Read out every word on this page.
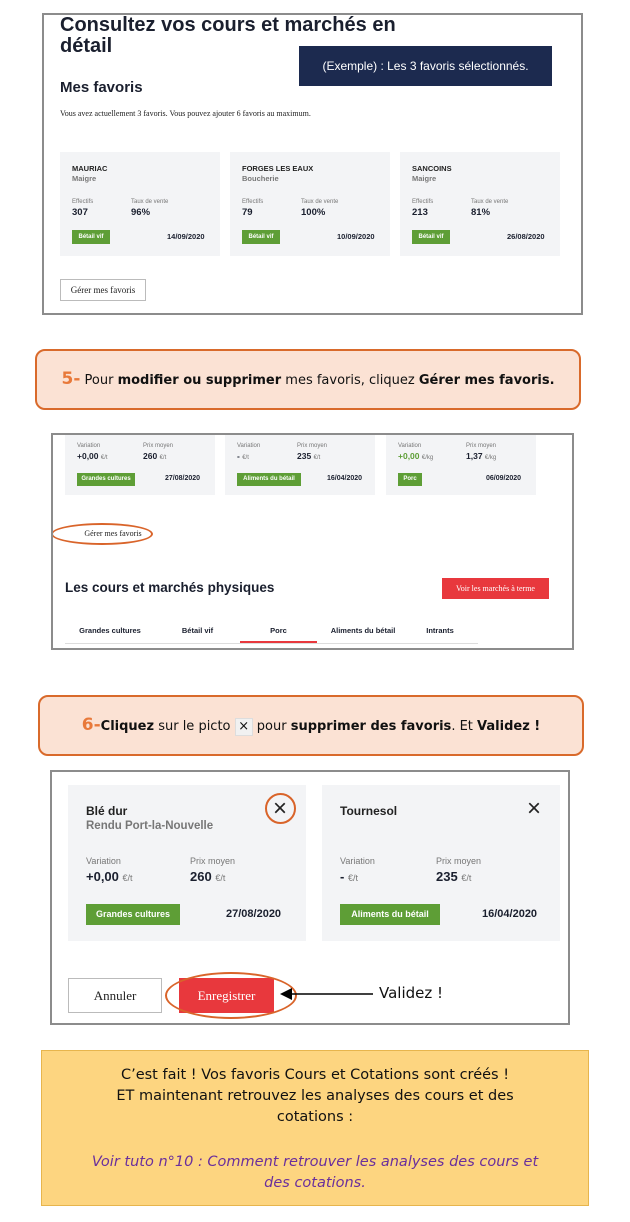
Consultez vos cours et marchés en
détail
(Exemple) : Les 3 favoris sélectionnés.
Mes favoris
Vous avez actuellement 3 favoris. Vous pouvez ajouter 6 favoris au maximum.
MAURIAC
Maigre
Effectifs
307
Taux de vente
96%
Bétail vif	14/09/2020
FORGES LES EAUX
Boucherie
Effectifs
79
Taux de vente
100%
Bétail vif	10/09/2020
SANCOINS
Maigre
Effectifs
213
Taux de vente
81%
Bétail vif	26/08/2020
Gérer mes favoris
5- Pour modifier ou supprimer mes favoris, cliquez Gérer mes favoris.
Variation
+0,00 €/t
Prix moyen
260 €/t
Grandes cultures	27/08/2020
Variation
- €/t
Prix moyen
235 €/t
Aliments du bétail	16/04/2020
Variation
+0,00 €/kg
Prix moyen
1,37 €/kg
Porc	06/09/2020
Gérer mes favoris
Les cours et marchés physiques	Voir les marchés à terme
Grandes cultures	Bétail vif	Porc	Aliments du bétail	Intrants
6-Cliquez sur le picto × pour supprimer des favoris. Et Validez !
Blé dur
Rendu Port-la-Nouvelle
×
Variation
+0,00 €/t
Prix moyen
260 €/t
Grandes cultures	27/08/2020
Tournesol	×
Variation
- €/t
Prix moyen
235 €/t
Aliments du bétail	16/04/2020
Annuler	Enregistrer	Validez !
C’est fait ! Vos favoris Cours et Cotations sont créés !
ET maintenant retrouvez les analyses des cours et des
cotations :
Voir tuto n°10 : Comment retrouver les analyses des cours et
des cotations.
